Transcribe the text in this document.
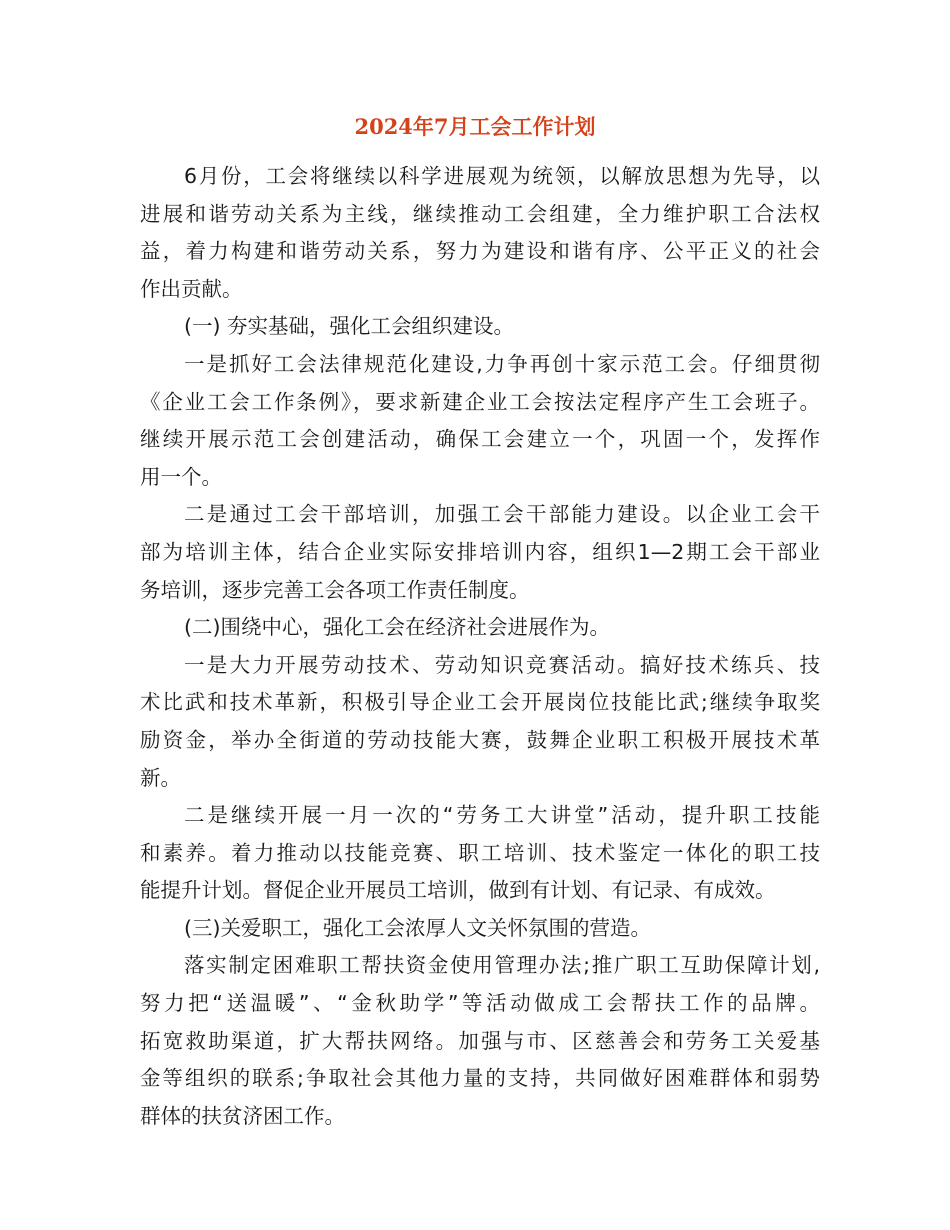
2024年7月工会工作计划
6月份，工会将继续以科学进展观为统领，以解放思想为先导，以
进展和谐劳动关系为主线，继续推动工会组建，全力维护职工合法权
益，着力构建和谐劳动关系，努力为建设和谐有序、公平正义的社会
作出贡献。
(一) 夯实基础，强化工会组织建设。
一是抓好工会法律规范化建设,力争再创十家示范工会。仔细贯彻
《企业工会工作条例》，要求新建企业工会按法定程序产生工会班子。
继续开展示范工会创建活动，确保工会建立一个，巩固一个，发挥作
用一个。
二是通过工会干部培训，加强工会干部能力建设。以企业工会干
部为培训主体，结合企业实际安排培训内容，组织1—2期工会干部业
务培训，逐步完善工会各项工作责任制度。
(二)围绕中心，强化工会在经济社会进展作为。
一是大力开展劳动技术、劳动知识竞赛活动。搞好技术练兵、技
术比武和技术革新，积极引导企业工会开展岗位技能比武;继续争取奖
励资金，举办全街道的劳动技能大赛，鼓舞企业职工积极开展技术革
新。
二是继续开展一月一次的“劳务工大讲堂”活动，提升职工技能
和素养。着力推动以技能竞赛、职工培训、技术鉴定一体化的职工技
能提升计划。督促企业开展员工培训，做到有计划、有记录、有成效。
(三)关爱职工，强化工会浓厚人文关怀氛围的营造。
落实制定困难职工帮扶资金使用管理办法;推广职工互助保障计划,
努力把“送温暖”、“金秋助学”等活动做成工会帮扶工作的品牌。
拓宽救助渠道，扩大帮扶网络。加强与市、区慈善会和劳务工关爱基
金等组织的联系;争取社会其他力量的支持，共同做好困难群体和弱势
群体的扶贫济困工作。
